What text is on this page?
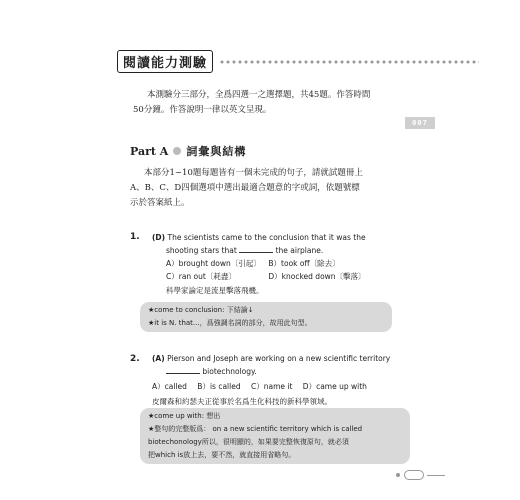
007
閱讀能力測驗
本測驗分三部分，全爲四選一之選擇題，共45題。作答時間
50分鐘。作答說明一律以英文呈現。
Part A 詞彙與結構
本部分1~10題每題皆有一個未完成的句子，請就試題冊上
A、B、C、D四個選項中選出最適合題意的字或詞，依題號標
示於答案紙上。
1. (D) The scientists came to the conclusion that it was the
shooting stars that	the airplane.
A）brought down〔引起〕 B）took off〔除去〕
C）ran out〔耗盡〕	D）knocked down〔擊落〕
科學家論定是流星擊落飛機。
★come to conclusion: 下結論↓
★it is N. that...，爲強調名詞的部分，故用此句型。
2. (A) Pierson and Joseph are working on a new scientific territory
biotechnology.
A）called B）is called C）name it D）came up with
皮爾森和約瑟夫正從事於名爲生化科技的新科學領域。
★come up with: 想出
★整句的完整版爲： on a new scientific territory which is called
biotechonology所以，很明顯的，如果要完整恢復原句，就必須
把which is放上去，要不然，就直接用省略句。
